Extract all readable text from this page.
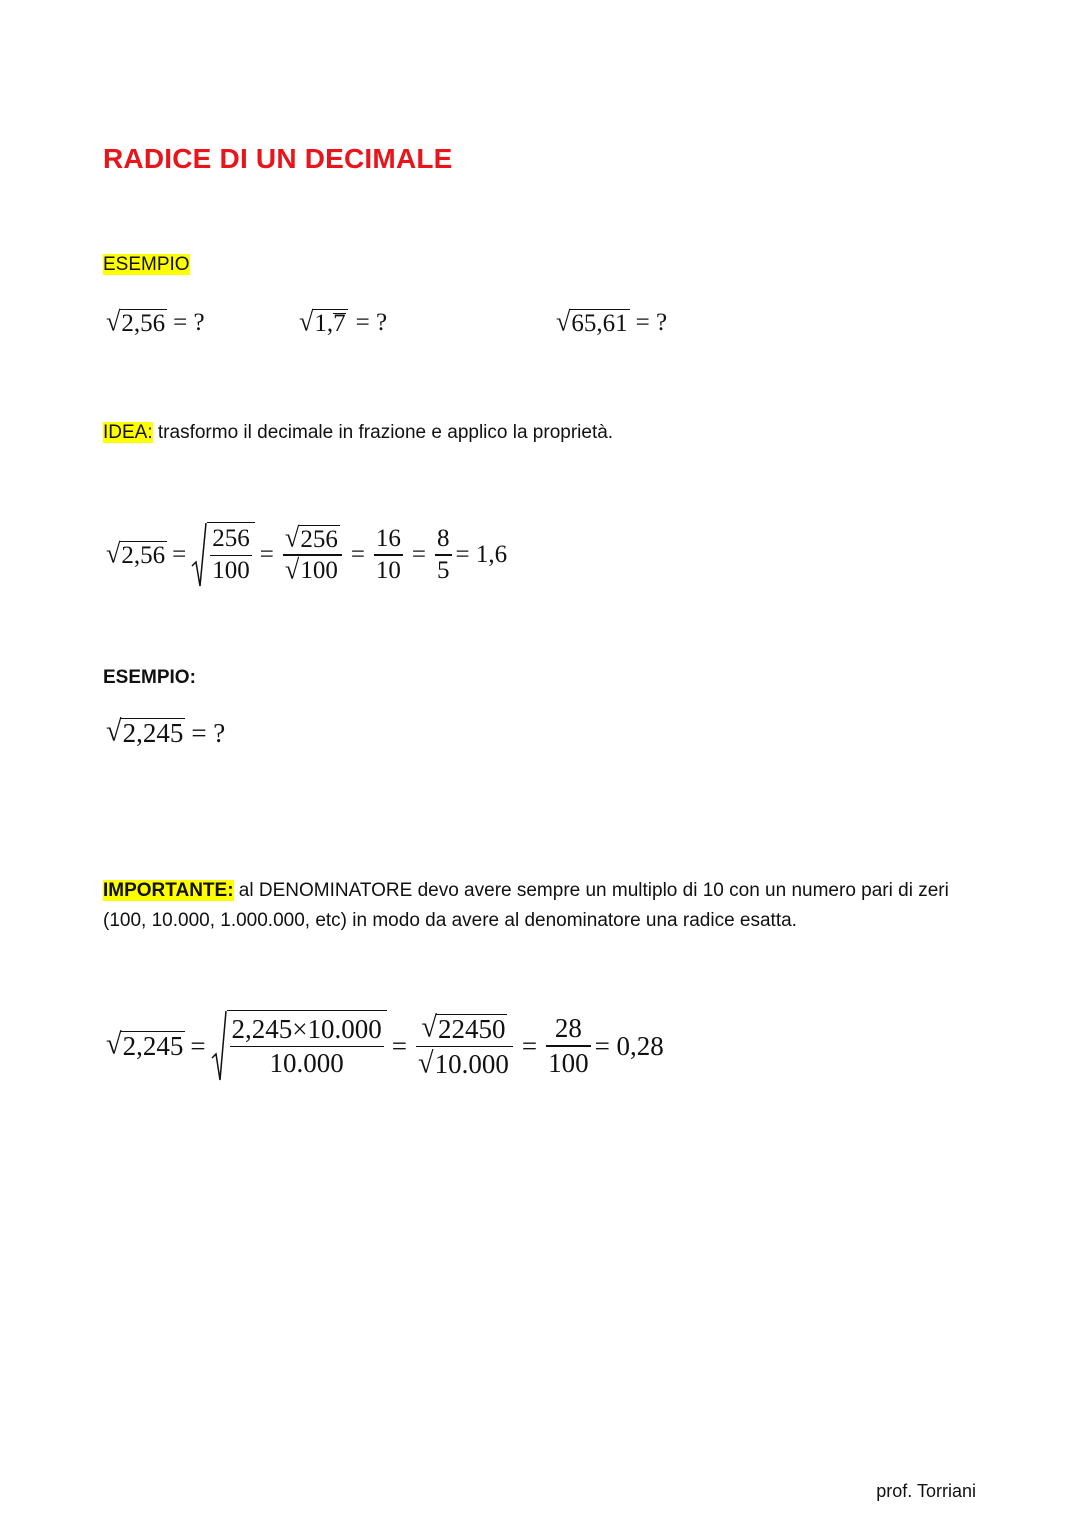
RADICE DI UN DECIMALE
ESEMPIO
√ 2,56 = ?	√ 1,
7 = ?	√ 65,61 = ?
IDEA: trasformo il decimale in frazione e applico la proprietà.
√ $2,56 = \frac{256}{100} = \frac{√ 256}{√ 100} = \frac{16}{10} = \frac{8}{5} = 1,6$
ESEMPIO:
√ 2,245 = ?
IMPORTANTE: al DENOMINATORE devo avere sempre un multiplo di 10 con un numero pari di zeri
(100, 10.000, 1.000.000, etc) in modo da avere al denominatore una radice esatta.
√ $2,245 = \frac{2,245\times 10.000}{10.000} = \frac{√ 22450}{√ 10.000} = \frac{28}{100} = 0,28$
prof. Torriani
